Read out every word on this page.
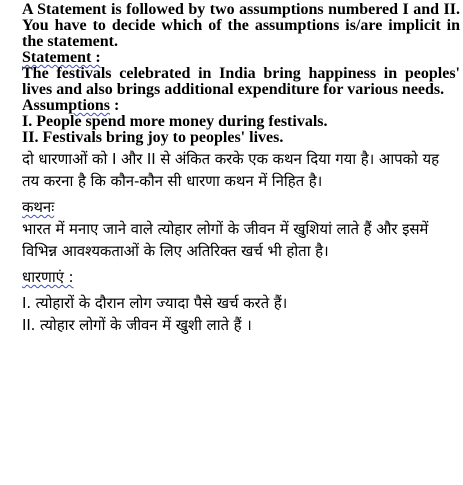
A Statement is followed by two assumptions numbered I and II. You have to decide which of the assumptions is/are implicit in the statement.

Statement :

The festivals celebrated in India bring happiness in peoples' lives and also brings additional expenditure for various needs.

Assumptions :

I. People spend more money during festivals.

II. Festivals bring joy to peoples' lives.

दो धारणाओं को I और II से अंकित करके एक कथन दिया गया है। आपको यह तय करना है कि कौन-कौन सी धारणा कथन में निहित है।

कथनः

भारत में मनाए जाने वाले त्योहार लोगों के जीवन में खुशियां लाते हैं और इसमें विभिन्न आवश्यकताओं के लिए अतिरिक्त खर्च भी होता है।

धारणाएं :

I. त्योहारों के दौरान लोग ज्यादा पैसे खर्च करते हैं।

II. त्योहार लोगों के जीवन में खुशी लाते हैं ।
